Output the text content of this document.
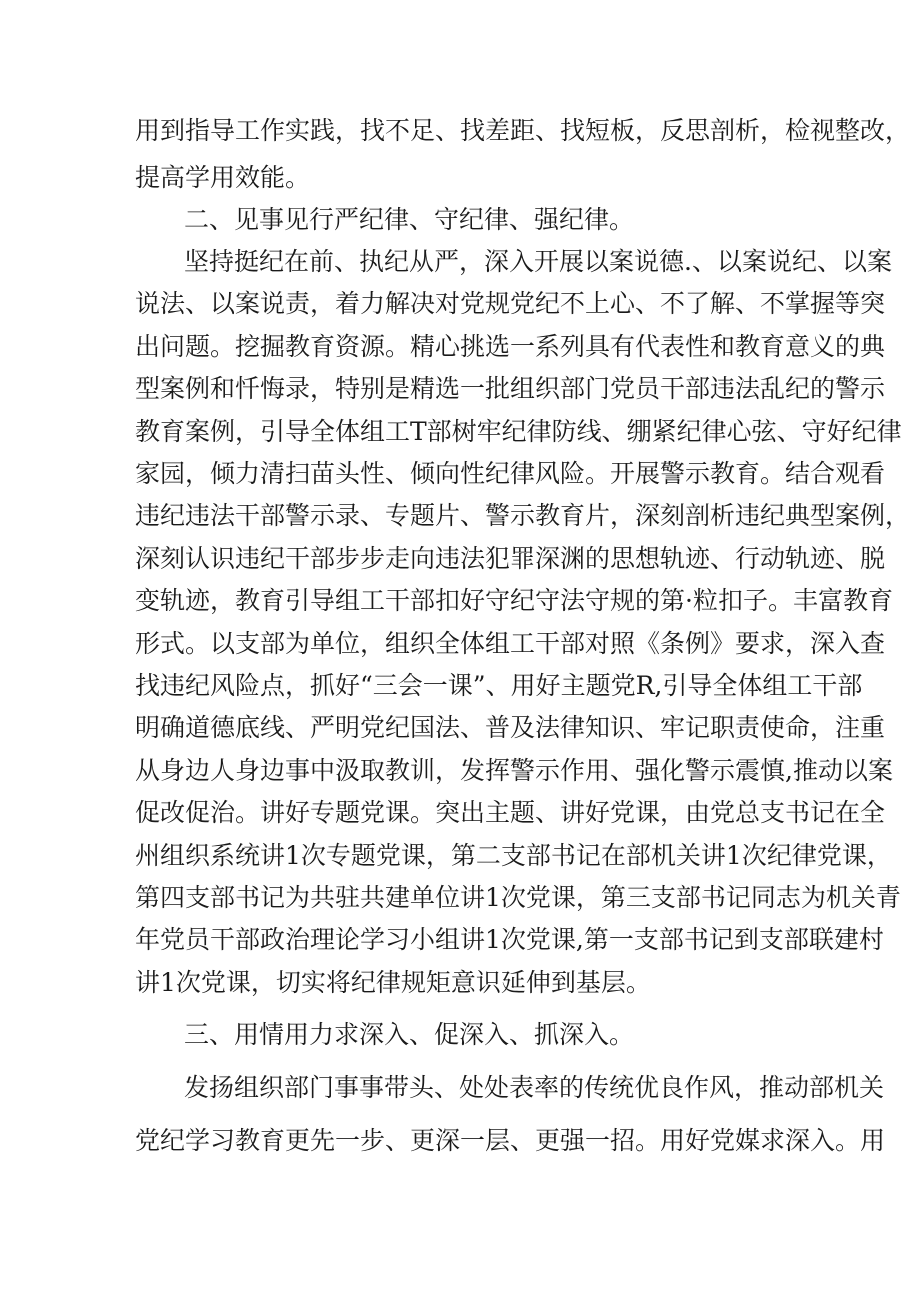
用到指导工作实践，找不足、找差距、找短板，反思剖析，检视整改，

提高学用效能。

二、见事见行严纪律、守纪律、强纪律。

坚持挺纪在前、执纪从严，深入开展以案说德.、以案说纪、以案

说法、以案说责，着力解决对党规党纪不上心、不了解、不掌握等突

出问题。挖掘教育资源。精心挑选一系列具有代表性和教育意义的典

型案例和忏悔录，特别是精选一批组织部门党员干部违法乱纪的警示

教育案例，引导全体组工T部树牢纪律防线、绷紧纪律心弦、守好纪律

家园，倾力清扫苗头性、倾向性纪律风险。开展警示教育。结合观看

违纪违法干部警示录、专题片、警示教育片，深刻剖析违纪典型案例，

深刻认识违纪干部步步走向违法犯罪深渊的思想轨迹、行动轨迹、脱

变轨迹，教育引导组工干部扣好守纪守法守规的第·粒扣子。丰富教育

形式。以支部为单位，组织全体组工干部对照《条例》要求，深入查

找违纪风险点，抓好“三会一课”、用好主题党R,引导全体组工干部

明确道德底线、严明党纪国法、普及法律知识、牢记职责使命，注重

从身边人身边事中汲取教训，发挥警示作用、强化警示震慎,推动以案

促改促治。讲好专题党课。突出主题、讲好党课，由党总支书记在全

州组织系统讲1次专题党课，第二支部书记在部机关讲1次纪律党课，

第四支部书记为共驻共建单位讲1次党课，第三支部书记同志为机关青

年党员干部政治理论学习小组讲1次党课,第一支部书记到支部联建村

讲1次党课，切实将纪律规矩意识延伸到基层。

三、用情用力求深入、促深入、抓深入。

发扬组织部门事事带头、处处表率的传统优良作风，推动部机关

党纪学习教育更先一步、更深一层、更强一招。用好党媒求深入。用
